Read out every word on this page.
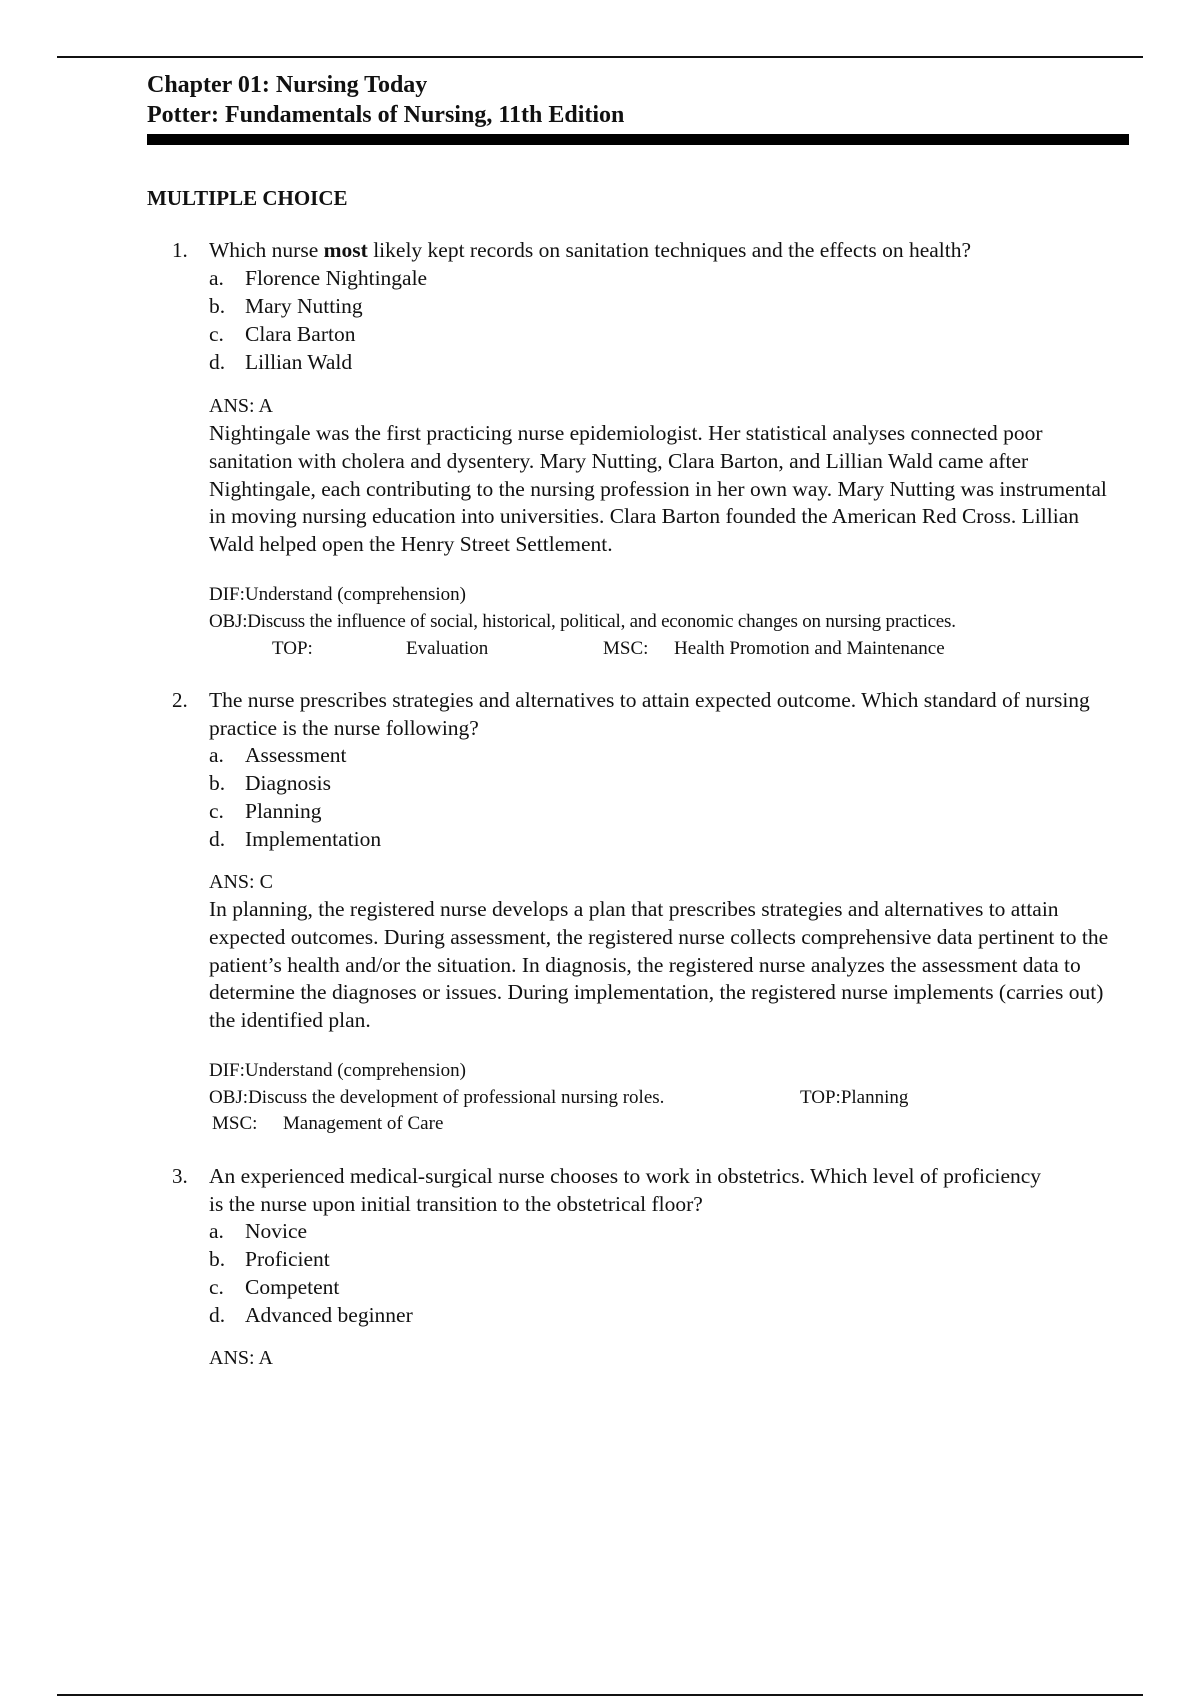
Chapter 01: Nursing Today
Potter: Fundamentals of Nursing, 11th Edition
MULTIPLE CHOICE
1. Which nurse most likely kept records on sanitation techniques and the effects on health?
a. Florence Nightingale
b. Mary Nutting
c. Clara Barton
d. Lillian Wald
ANS: A
Nightingale was the first practicing nurse epidemiologist. Her statistical analyses connected poor sanitation with cholera and dysentery. Mary Nutting, Clara Barton, and Lillian Wald came after Nightingale, each contributing to the nursing profession in her own way. Mary Nutting was instrumental in moving nursing education into universities. Clara Barton founded the American Red Cross. Lillian Wald helped open the Henry Street Settlement.
DIF:Understand (comprehension)
OBJ:Discuss the influence of social, historical, political, and economic changes on nursing practices.
TOP:	Evaluation	MSC: Health Promotion and Maintenance
2. The nurse prescribes strategies and alternatives to attain expected outcome. Which standard of nursing practice is the nurse following?
a. Assessment
b. Diagnosis
c. Planning
d. Implementation
ANS: C
In planning, the registered nurse develops a plan that prescribes strategies and alternatives to attain expected outcomes. During assessment, the registered nurse collects comprehensive data pertinent to the patient’s health and/or the situation. In diagnosis, the registered nurse analyzes the assessment data to determine the diagnoses or issues. During implementation, the registered nurse implements (carries out) the identified plan.
DIF:Understand (comprehension)
OBJ:Discuss the development of professional nursing roles.	TOP:Planning
MSC: Management of Care
3. An experienced medical-surgical nurse chooses to work in obstetrics. Which level of proficiency is the nurse upon initial transition to the obstetrical floor?
a. Novice
b. Proficient
c. Competent
d. Advanced beginner
ANS: A
